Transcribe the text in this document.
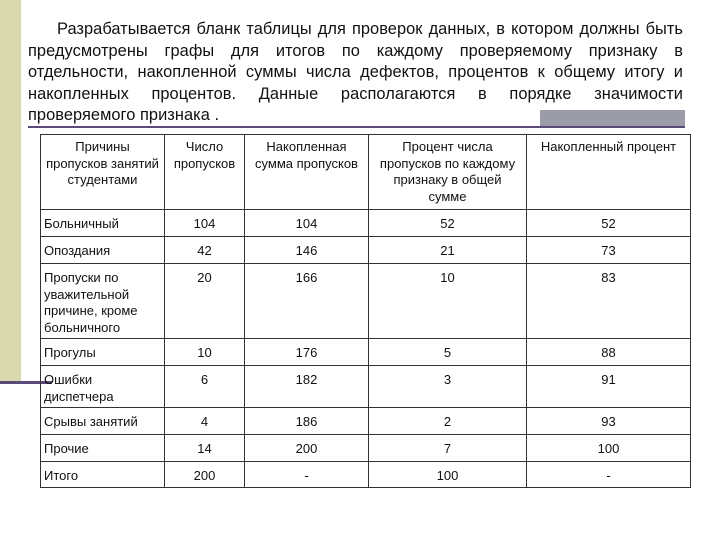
Разрабатывается бланк таблицы для проверок данных, в котором должны быть предусмотрены графы для итогов по каждому проверяемому признаку в отдельности, накопленной суммы числа дефектов, процентов к общему итогу и накопленных процентов. Данные располагаются в порядке значимости проверяемого признака .

Причины пропусков занятий студентами	Число пропусков	Накопленная сумма пропусков	Процент числа пропусков по каждому признаку в общей сумме	Накопленный процент
Больничный	104	104	52	52
Опоздания	42	146	21	73
Пропуски по уважительной причине, кроме больничного	20	166	10	83
Прогулы	10	176	5	88
Ошибки диспетчера	6	182	3	91
Срывы занятий	4	186	2	93
Прочие	14	200	7	100
Итого	200	-	100	-
